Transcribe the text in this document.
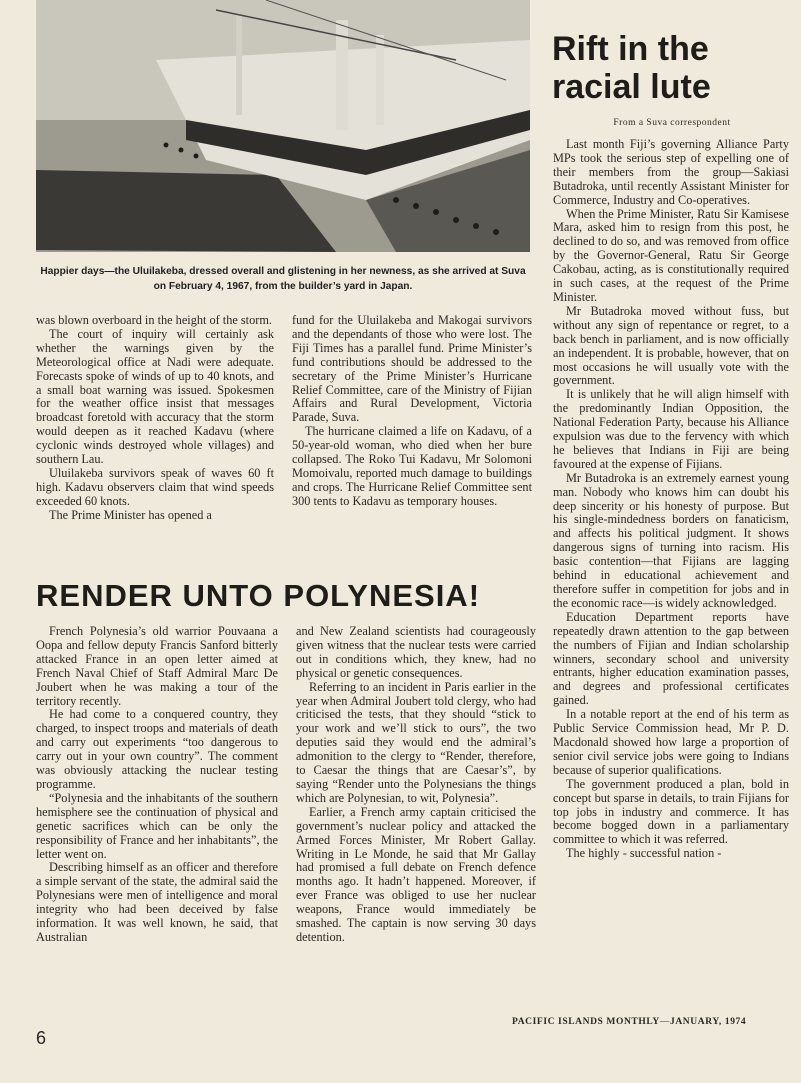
Happier days—the Uluilakeba, dressed overall and glistening in her newness, as she arrived at Suva on February 4, 1967, from the builder’s yard in Japan.

was blown overboard in the height of the storm.

The court of inquiry will certainly ask whether the warnings given by the Meteorological office at Nadi were adequate. Forecasts spoke of winds of up to 40 knots, and a small boat warning was issued. Spokesmen for the weather office insist that messages broadcast foretold with accuracy that the storm would deepen as it reached Kadavu (where cyclonic winds destroyed whole villages) and southern Lau.

Uluilakeba survivors speak of waves 60 ft high. Kadavu observers claim that wind speeds exceeded 60 knots.

The Prime Minister has opened a

fund for the Uluilakeba and Makogai survivors and the dependants of those who were lost. The Fiji Times has a parallel fund. Prime Minister’s fund contributions should be addressed to the secretary of the Prime Minister’s Hurricane Relief Committee, care of the Ministry of Fijian Affairs and Rural Development, Victoria Parade, Suva.

The hurricane claimed a life on Kadavu, of a 50-year-old woman, who died when her bure collapsed. The Roko Tui Kadavu, Mr Solomoni Momoivalu, reported much damage to buildings and crops. The Hurricane Relief Committee sent 300 tents to Kadavu as temporary houses.

RENDER UNTO POLYNESIA!

French Polynesia’s old warrior Pouvaana a Oopa and fellow deputy Francis Sanford bitterly attacked France in an open letter aimed at French Naval Chief of Staff Admiral Marc De Joubert when he was making a tour of the territory recently.

He had come to a conquered country, they charged, to inspect troops and materials of death and carry out experiments “too dangerous to carry out in your own country”. The comment was obviously attacking the nuclear testing programme.

“Polynesia and the inhabitants of the southern hemisphere see the continuation of physical and genetic sacrifices which can be only the responsibility of France and her inhabitants”, the letter went on.

Describing himself as an officer and therefore a simple servant of the state, the admiral said the Polynesians were men of intelligence and moral integrity who had been deceived by false information. It was well known, he said, that Australian

and New Zealand scientists had courageously given witness that the nuclear tests were carried out in conditions which, they knew, had no physical or genetic consequences.

Referring to an incident in Paris earlier in the year when Admiral Joubert told clergy, who had criticised the tests, that they should “stick to your work and we’ll stick to ours”, the two deputies said they would end the admiral’s admonition to the clergy to “Render, therefore, to Caesar the things that are Caesar’s”, by saying “Render unto the Polynesians the things which are Polynesian, to wit, Polynesia”.

Earlier, a French army captain criticised the government’s nuclear policy and attacked the Armed Forces Minister, Mr Robert Gallay. Writing in Le Monde, he said that Mr Gallay had promised a full debate on French defence months ago. It hadn’t happened. Moreover, if ever France was obliged to use her nuclear weapons, France would immediately be smashed. The captain is now serving 30 days detention.

Rift in the racial lute
From a Suva correspondent

Last month Fiji’s governing Alliance Party MPs took the serious step of expelling one of their members from the group—Sakiasi Butadroka, until recently Assistant Minister for Commerce, Industry and Co-operatives.

When the Prime Minister, Ratu Sir Kamisese Mara, asked him to resign from this post, he declined to do so, and was removed from office by the Governor-General, Ratu Sir George Cakobau, acting, as is constitutionally required in such cases, at the request of the Prime Minister.

Mr Butadroka moved without fuss, but without any sign of repentance or regret, to a back bench in parliament, and is now officially an independent. It is probable, however, that on most occasions he will usually vote with the government.

It is unlikely that he will align himself with the predominantly Indian Opposition, the National Federation Party, because his Alliance expulsion was due to the fervency with which he believes that Indians in Fiji are being favoured at the expense of Fijians.

Mr Butadroka is an extremely earnest young man. Nobody who knows him can doubt his deep sincerity or his honesty of purpose. But his single-mindedness borders on fanaticism, and affects his political judgment. It shows dangerous signs of turning into racism. His basic contention—that Fijians are lagging behind in educational achievement and therefore suffer in competition for jobs and in the economic race—is widely acknowledged.

Education Department reports have repeatedly drawn attention to the gap between the numbers of Fijian and Indian scholarship winners, secondary school and university entrants, higher education examination passes, and degrees and professional certificates gained.

In a notable report at the end of his term as Public Service Commission head, Mr P. D. Macdonald showed how large a proportion of senior civil service jobs were going to Indians because of superior qualifications.

The government produced a plan, bold in concept but sparse in details, to train Fijians for top jobs in industry and commerce. It has become bogged down in a parliamentary committee to which it was referred.

The highly - successful nation -

PACIFIC ISLANDS MONTHLY—JANUARY, 1974
6
